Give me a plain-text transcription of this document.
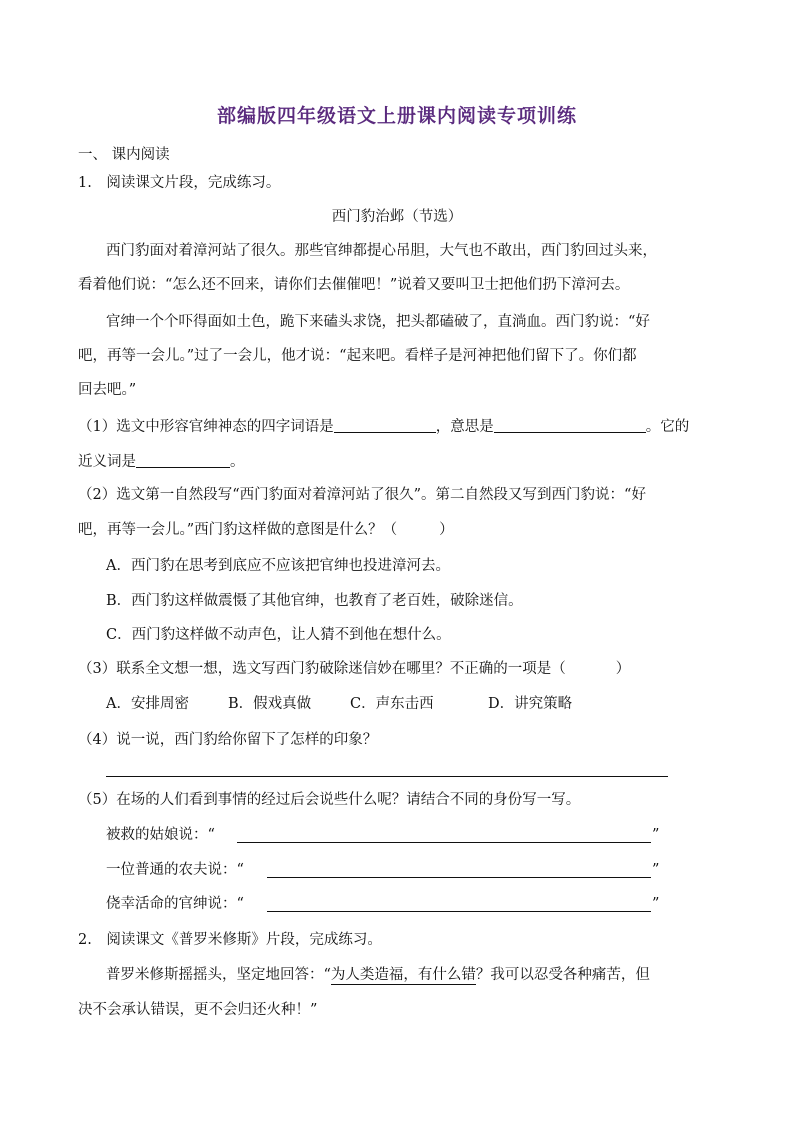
部编版四年级语文上册课内阅读专项训练
一、 课内阅读
1.　阅读课文片段，完成练习。
西门豹治邺（节选）
西门豹面对着漳河站了很久。那些官绅都提心吊胆，大气也不敢出，西门豹回过头来，
看着他们说：“怎么还不回来，请你们去催催吧！”说着又要叫卫士把他们扔下漳河去。
官绅一个个吓得面如土色，跪下来磕头求饶，把头都磕破了，直淌血。西门豹说：“好
吧，再等一会儿。”过了一会儿，他才说：“起来吧。看样子是河神把他们留下了。你们都
回去吧。”
（1）选文中形容官绅神态的四字词语是	，意思是	。它的
近义词是	。
（2）选文第一自然段写“西门豹面对着漳河站了很久”。第二自然段又写到西门豹说：“好
吧，再等一会儿。”西门豹这样做的意图是什么？（	）
A．西门豹在思考到底应不应该把官绅也投进漳河去。
B．西门豹这样做震慑了其他官绅，也教育了老百姓，破除迷信。
C．西门豹这样做不动声色，让人猜不到他在想什么。
（3）联系全文想一想，选文写西门豹破除迷信妙在哪里？不正确的一项是（	）
A．安排周密	B．假戏真做	C．声东击西	D．讲究策略
（4）说一说，西门豹给你留下了怎样的印象？
（5）在场的人们看到事情的经过后会说些什么呢？请结合不同的身份写一写。
被救的姑娘说：“	”
一位普通的农夫说：“	”
侥幸活命的官绅说：“	”
2.　阅读课文《普罗米修斯》片段，完成练习。
普罗米修斯摇摇头，坚定地回答：“为人类造福，有什么错？我可以忍受各种痛苦，但
决不会承认错误，更不会归还火种！”
